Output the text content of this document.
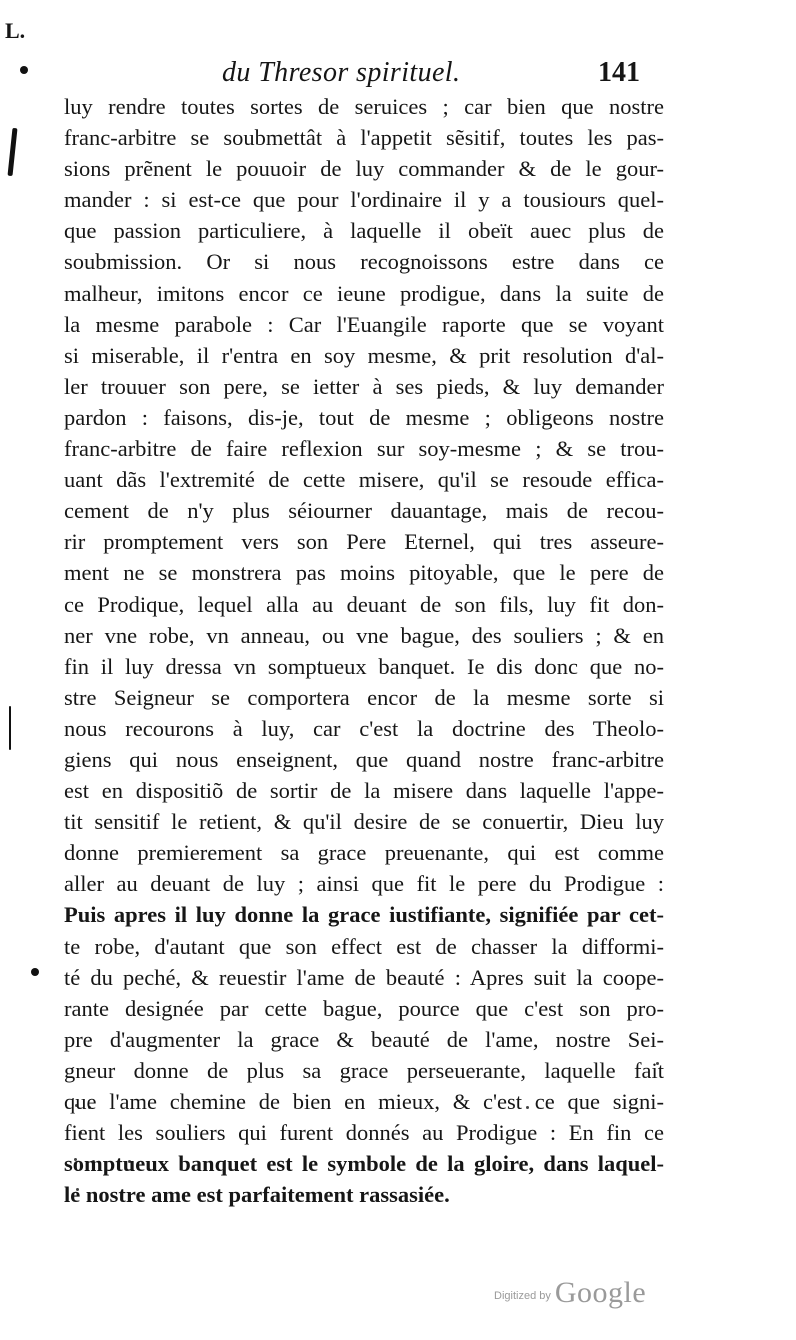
L.
du Thresor spirituel.	141
luy rendre toutes sortes de seruices ; car bien que nostre
franc-arbitre se soubmettât à l'appetit sẽsitif, toutes les pas-
sions prẽnent le pouuoir de luy commander & de le gour-
mander : si est-ce que pour l'ordinaire il y a tousiours quel-
que passion particuliere, à laquelle il obeït auec plus de
soubmission. Or si nous recognoissons estre dans ce
malheur, imitons encor ce ieune prodigue, dans la suite de
la mesme parabole : Car l'Euangile raporte que se voyant
si miserable, il r'entra en soy mesme, & prit resolution d'al-
ler trouuer son pere, se ietter à ses pieds, & luy demander
pardon : faisons, dis-je, tout de mesme ; obligeons nostre
franc-arbitre de faire reflexion sur soy-mesme ; & se trou-
uant dãs l'extremité de cette misere, qu'il se resoude effica-
cement de n'y plus séiourner dauantage, mais de recou-
rir promptement vers son Pere Eternel, qui tres asseure-
ment ne se monstrera pas moins pitoyable, que le pere de
ce Prodique, lequel alla au deuant de son fils, luy fit don-
ner vne robe, vn anneau, ou vne bague, des souliers ; & en
fin il luy dressa vn somptueux banquet. Ie dis donc que no-
stre Seigneur se comportera encor de la mesme sorte si
nous recourons à luy, car c'est la doctrine des Theolo-
giens qui nous enseignent, que quand nostre franc-arbitre
est en dispositiõ de sortir de la misere dans laquelle l'appe-
tit sensitif le retient, & qu'il desire de se conuertir, Dieu luy
donne premierement sa grace preuenante, qui est comme
aller au deuant de luy ; ainsi que fit le pere du Prodigue :
Puis apres il luy donne la grace iustifiante, signifiée par cet-
te robe, d'autant que son effect est de chasser la difformi-
té du peché, & reuestir l'ame de beauté : Apres suit la coope-
rante designée par cette bague, pource que c'est son pro-
pre d'augmenter la grace & beauté de l'ame, nostre Sei-
gneur donne de plus sa grace perseuerante, laquelle fait
que l'ame chemine de bien en mieux, & c'est ce que signi-
fient les souliers qui furent donnés au Prodigue : En fin ce
somptueux banquet est le symbole de la gloire, dans laquel-
le nostre ame est parfaitement rassasiée.
Digitized by Google
